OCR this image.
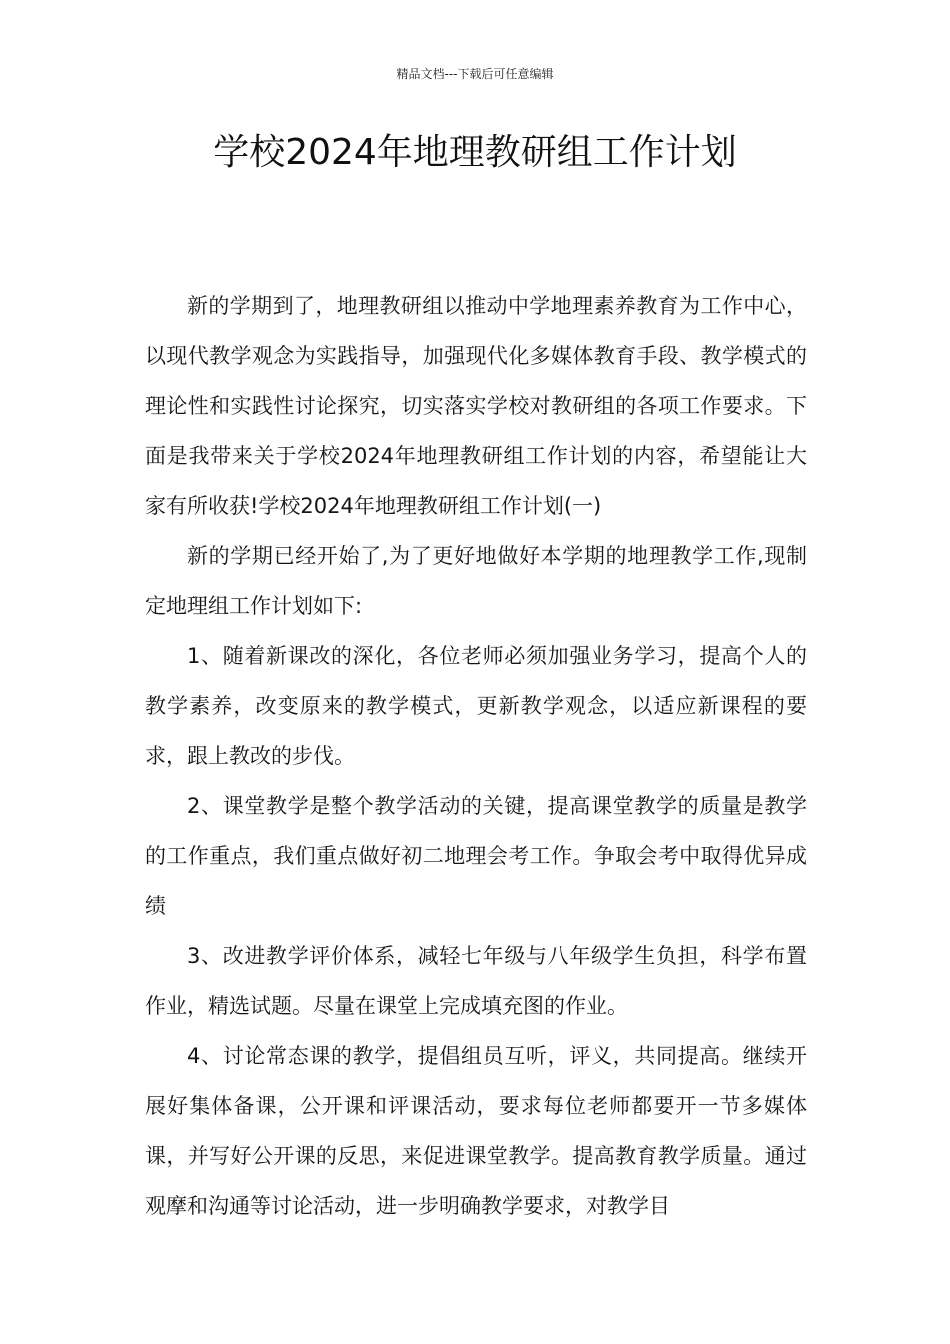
精品文档---下载后可任意编辑
学校2024年地理教研组工作计划

新的学期到了，地理教研组以推动中学地理素养教育为工作中心，以现代教学观念为实践指导，加强现代化多媒体教育手段、教学模式的理论性和实践性讨论探究，切实落实学校对教研组的各项工作要求。下面是我带来关于学校2024年地理教研组工作计划的内容，希望能让大家有所收获!学校2024年地理教研组工作计划(一)

新的学期已经开始了,为了更好地做好本学期的地理教学工作,现制定地理组工作计划如下:

1、随着新课改的深化，各位老师必须加强业务学习，提高个人的教学素养，改变原来的教学模式，更新教学观念，以适应新课程的要求，跟上教改的步伐。

2、课堂教学是整个教学活动的关键，提高课堂教学的质量是教学的工作重点，我们重点做好初二地理会考工作。争取会考中取得优异成绩

3、改进教学评价体系，减轻七年级与八年级学生负担，科学布置作业，精选试题。尽量在课堂上完成填充图的作业。

4、讨论常态课的教学，提倡组员互听，评义，共同提高。继续开展好集体备课，公开课和评课活动，要求每位老师都要开一节多媒体课，并写好公开课的反思，来促进课堂教学。提高教育教学质量。通过观摩和沟通等讨论活动，进一步明确教学要求，对教学目
